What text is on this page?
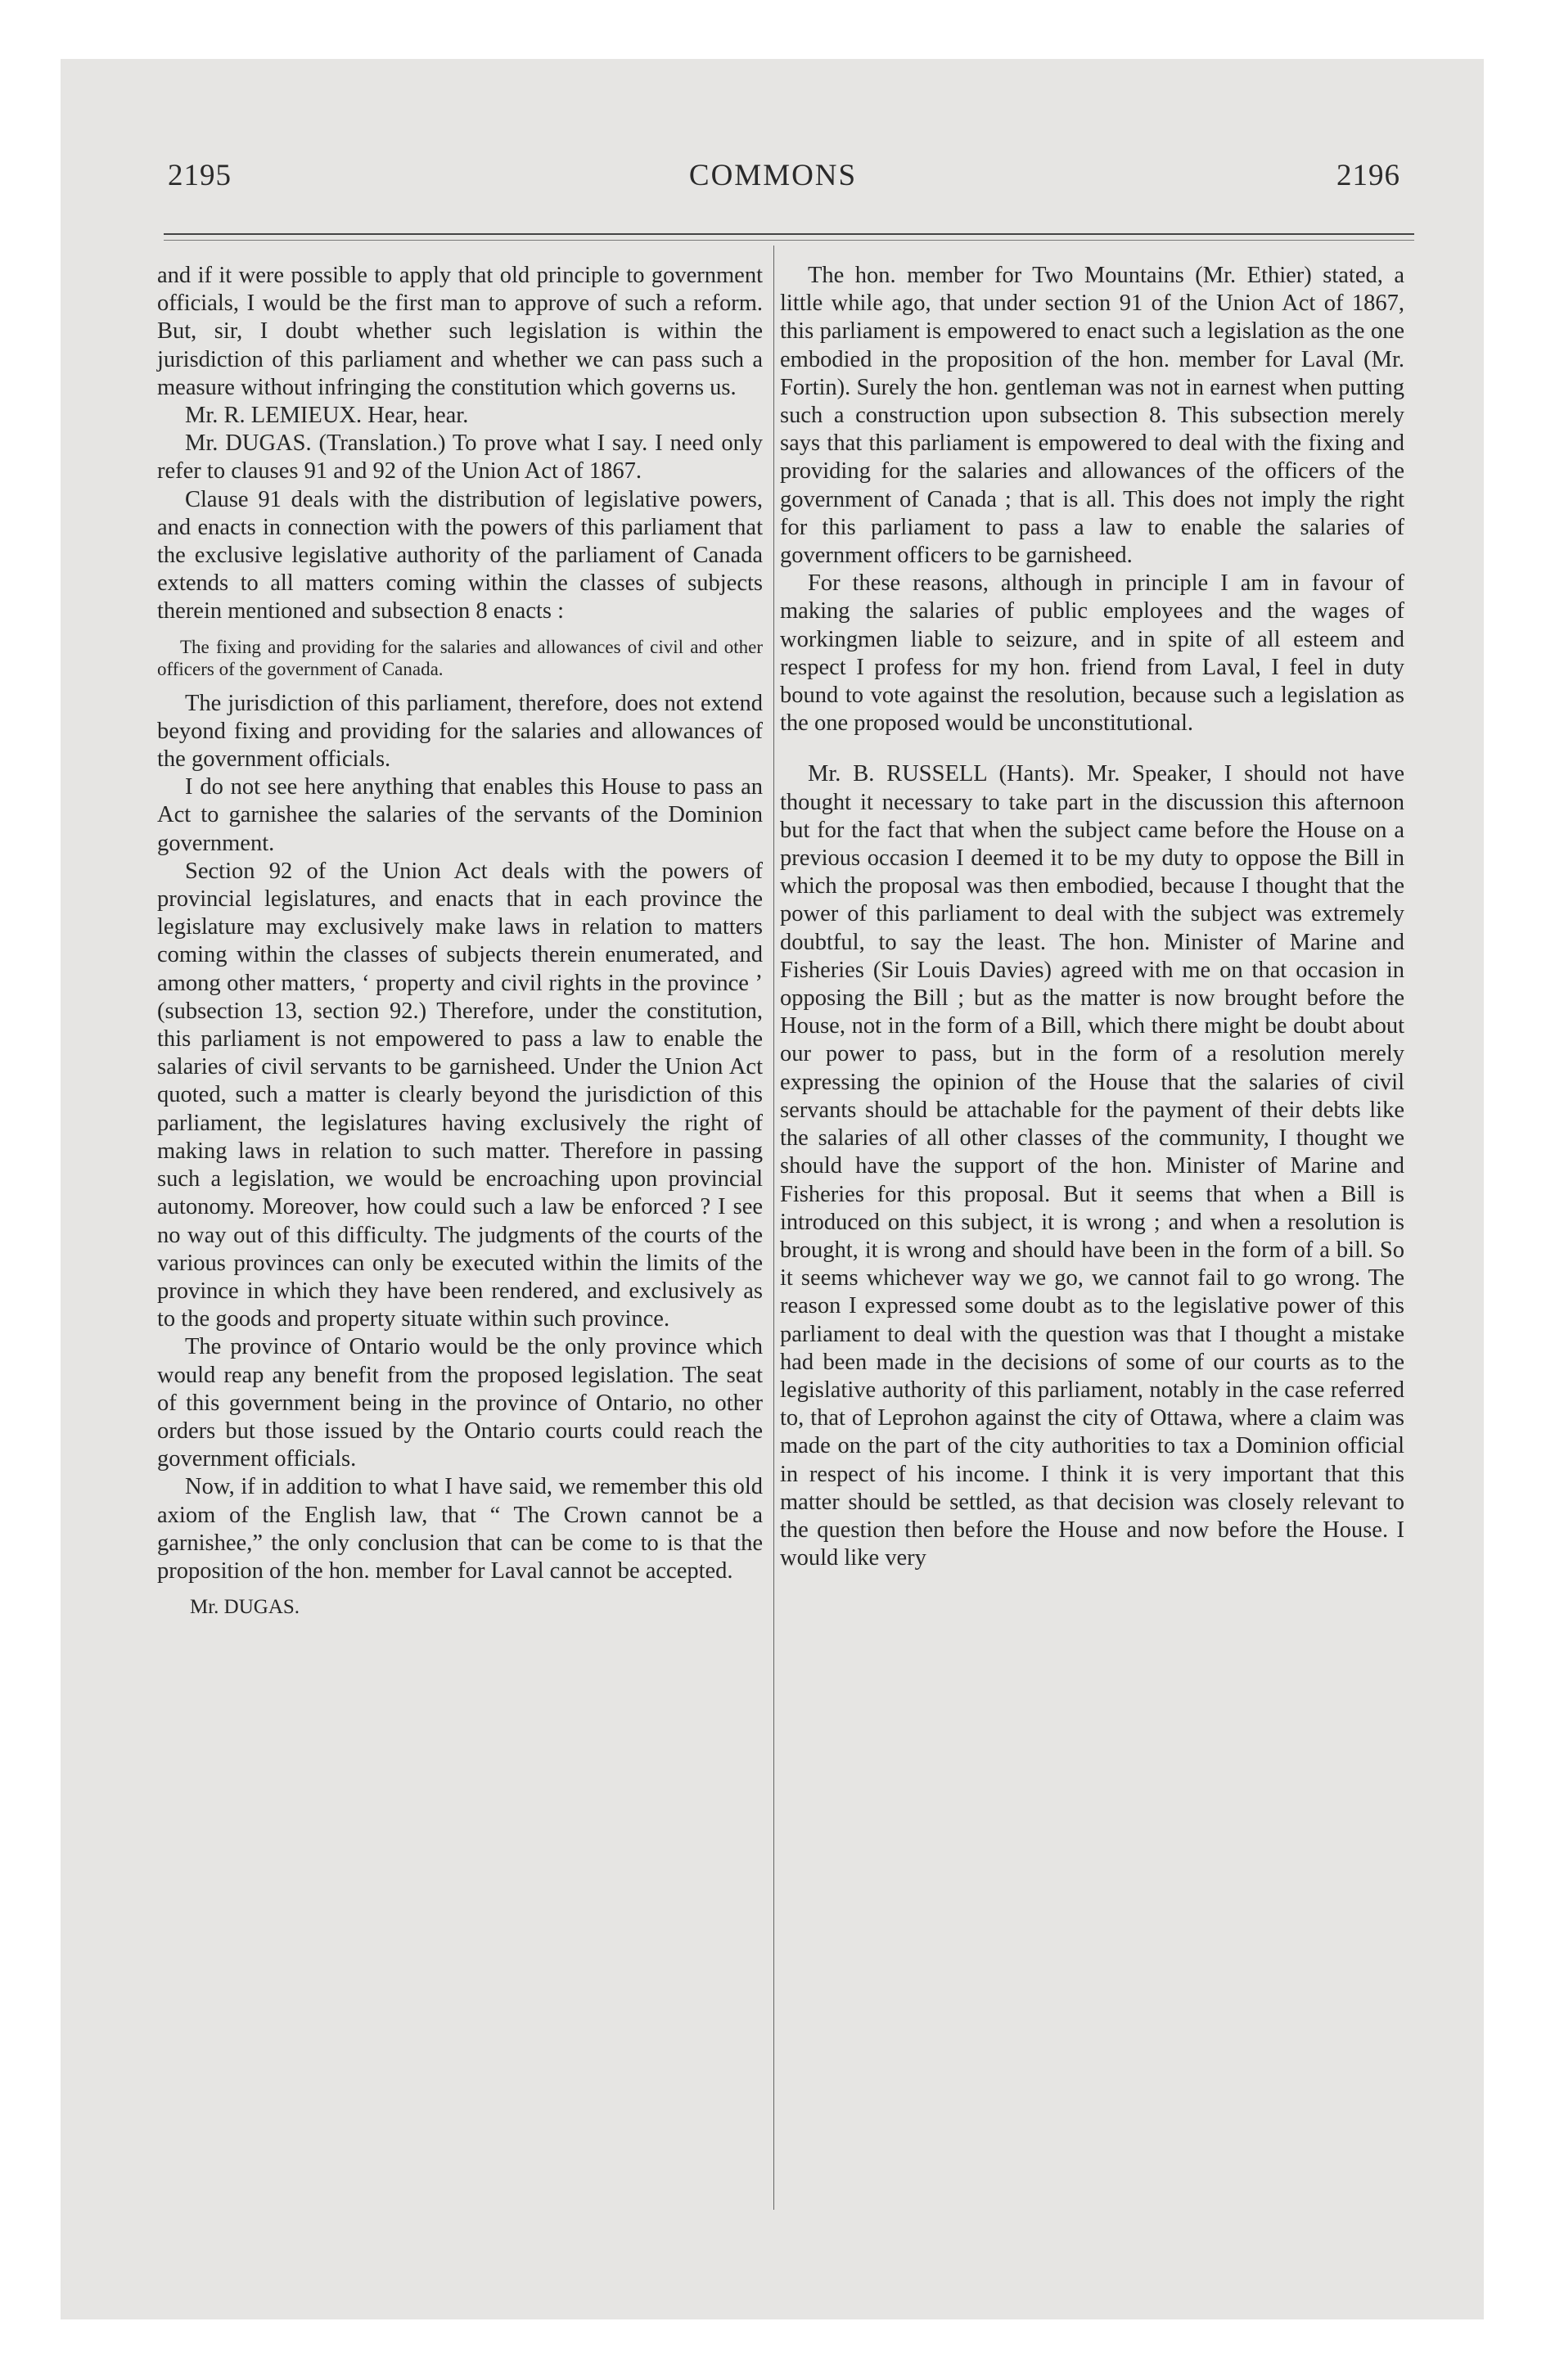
COMMONS
2195	2196

and if it were possible to apply that old principle to government officials, I would be the first man to approve of such a reform. But, sir, I doubt whether such legislation is within the jurisdiction of this parliament and whether we can pass such a measure without infringing the constitution which governs us.

Mr. R. LEMIEUX. Hear, hear.

Mr. DUGAS. (Translation.) To prove what I say. I need only refer to clauses 91 and 92 of the Union Act of 1867.

Clause 91 deals with the distribution of legislative powers, and enacts in connection with the powers of this parliament that the exclusive legislative authority of the parliament of Canada extends to all matters coming within the classes of subjects therein mentioned and subsection 8 enacts :

The fixing and providing for the salaries and allowances of civil and other officers of the government of Canada.

The jurisdiction of this parliament, therefore, does not extend beyond fixing and providing for the salaries and allowances of the government officials.

I do not see here anything that enables this House to pass an Act to garnishee the salaries of the servants of the Dominion government.

Section 92 of the Union Act deals with the powers of provincial legislatures, and enacts that in each province the legislature may exclusively make laws in relation to matters coming within the classes of subjects therein enumerated, and among other matters, ‘ property and civil rights in the province ’ (subsection 13, section 92.) Therefore, under the constitution, this parliament is not empowered to pass a law to enable the salaries of civil servants to be garnisheed. Under the Union Act quoted, such a matter is clearly beyond the jurisdiction of this parliament, the legislatures having exclusively the right of making laws in relation to such matter. Therefore in passing such a legislation, we would be encroaching upon provincial autonomy. Moreover, how could such a law be enforced ? I see no way out of this difficulty. The judgments of the courts of the various provinces can only be executed within the limits of the province in which they have been rendered, and exclusively as to the goods and property situate within such province.

The province of Ontario would be the only province which would reap any benefit from the proposed legislation. The seat of this government being in the province of Ontario, no other orders but those issued by the Ontario courts could reach the government officials.

Now, if in addition to what I have said, we remember this old axiom of the English law, that “ The Crown cannot be a garnishee,” the only conclusion that can be come to is that the proposition of the hon. member for Laval cannot be accepted.

Mr. DUGAS.

The hon. member for Two Mountains (Mr. Ethier) stated, a little while ago, that under section 91 of the Union Act of 1867, this parliament is empowered to enact such a legislation as the one embodied in the proposition of the hon. member for Laval (Mr. Fortin). Surely the hon. gentleman was not in earnest when putting such a construction upon subsection 8. This subsection merely says that this parliament is empowered to deal with the fixing and providing for the salaries and allowances of the officers of the government of Canada ; that is all. This does not imply the right for this parliament to pass a law to enable the salaries of government officers to be garnisheed.

For these reasons, although in principle I am in favour of making the salaries of public employees and the wages of workingmen liable to seizure, and in spite of all esteem and respect I profess for my hon. friend from Laval, I feel in duty bound to vote against the resolution, because such a legislation as the one proposed would be unconstitutional.

Mr. B. RUSSELL (Hants). Mr. Speaker, I should not have thought it necessary to take part in the discussion this afternoon but for the fact that when the subject came before the House on a previous occasion I deemed it to be my duty to oppose the Bill in which the proposal was then embodied, because I thought that the power of this parliament to deal with the subject was extremely doubtful, to say the least. The hon. Minister of Marine and Fisheries (Sir Louis Davies) agreed with me on that occasion in opposing the Bill ; but as the matter is now brought before the House, not in the form of a Bill, which there might be doubt about our power to pass, but in the form of a resolution merely expressing the opinion of the House that the salaries of civil servants should be attachable for the payment of their debts like the salaries of all other classes of the community, I thought we should have the support of the hon. Minister of Marine and Fisheries for this proposal. But it seems that when a Bill is introduced on this subject, it is wrong ; and when a resolution is brought, it is wrong and should have been in the form of a bill. So it seems whichever way we go, we cannot fail to go wrong. The reason I expressed some doubt as to the legislative power of this parliament to deal with the question was that I thought a mistake had been made in the decisions of some of our courts as to the legislative authority of this parliament, notably in the case referred to, that of Leprohon against the city of Ottawa, where a claim was made on the part of the city authorities to tax a Dominion official in respect of his income. I think it is very important that this matter should be settled, as that decision was closely relevant to the question then before the House and now before the House. I would like very
